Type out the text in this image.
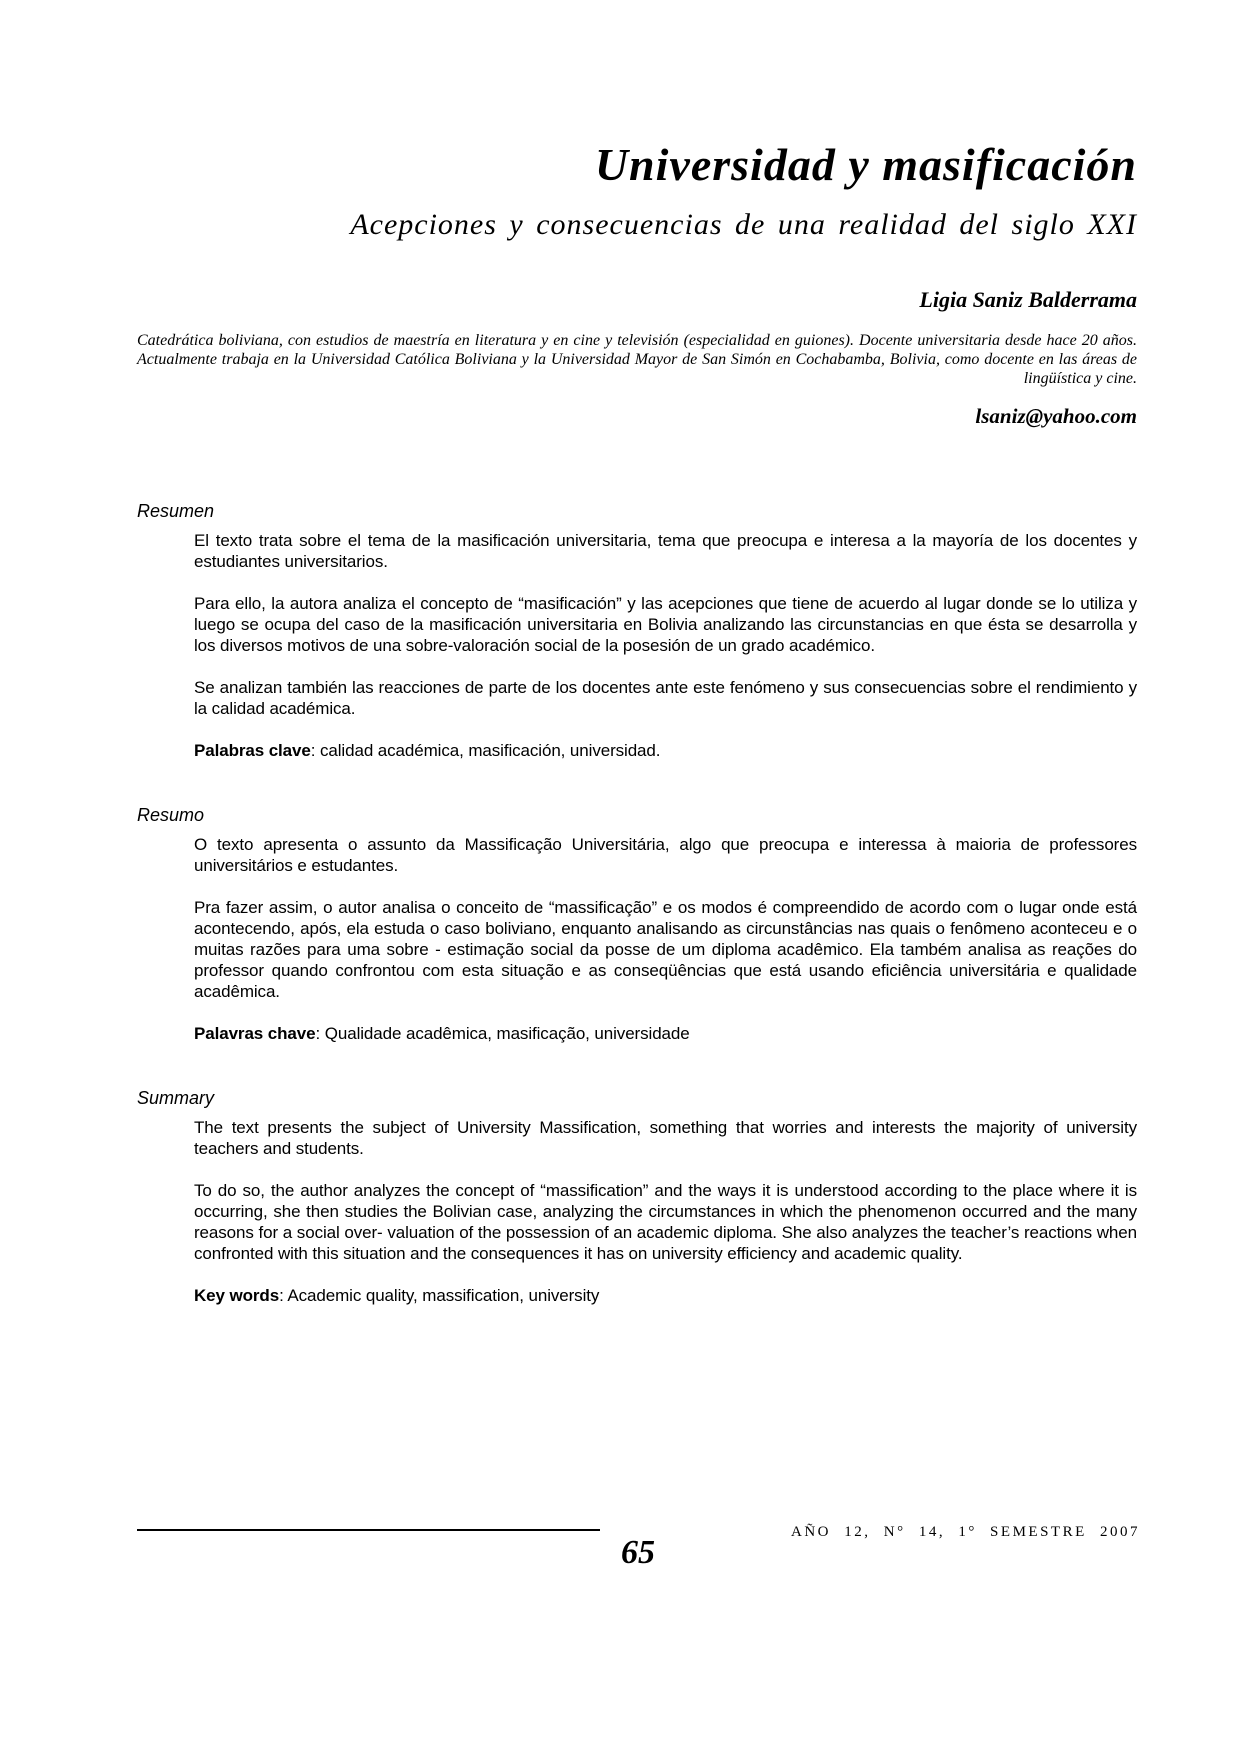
Universidad y masificación
Acepciones y consecuencias de una realidad del siglo XXI
Ligia Saniz Balderrama

Catedrática boliviana, con estudios de maestría en literatura y en cine y televisión (especialidad en guiones). Docente universitaria desde hace 20 años. Actualmente trabaja en la Universidad Católica Boliviana y la Universidad Mayor de San Simón en Cochabamba, Bolivia, como docente en las áreas de lingüística y cine.

lsaniz@yahoo.com
Resumen

El texto trata sobre el tema de la masificación universitaria, tema que preocupa e interesa a la mayoría de los docentes y estudiantes universitarios.

Para ello, la autora analiza el concepto de “masificación” y las acepciones que tiene de acuerdo al lugar donde se lo utiliza y luego se ocupa del caso de la masificación universitaria en Bolivia analizando las circunstancias en que ésta se desarrolla y los diversos motivos de una sobre-valoración social de la posesión de un grado académico.

Se analizan también las reacciones de parte de los docentes ante este fenómeno y sus consecuencias sobre el rendimiento y la calidad académica.

Palabras clave: calidad académica, masificación, universidad.

Resumo

O texto apresenta o assunto da Massificação Universitária, algo que preocupa e interessa à maioria de professores universitários e estudantes.

Pra fazer assim, o autor analisa o conceito de “massificação” e os modos é compreendido de acordo com o lugar onde está acontecendo, após, ela estuda o caso boliviano, enquanto analisando as circunstâncias nas quais o fenômeno aconteceu e o muitas razões para uma sobre - estimação social da posse de um diploma acadêmico. Ela também analisa as reações do professor quando confrontou com esta situação e as conseqüências que está usando eficiência universitária e qualidade acadêmica.

Palavras chave: Qualidade acadêmica, masificação, universidade

Summary

The text presents the subject of University Massification, something that worries and interests the majority of university teachers and students.

To do so, the author analyzes the concept of “massification” and the ways it is understood according to the place where it is occurring, she then studies the Bolivian case, analyzing the circumstances in which the phenomenon occurred and the many reasons for a social over- valuation of the possession of an academic diploma. She also analyzes the teacher’s reactions when confronted with this situation and the consequences it has on university efficiency and academic quality.

Key words: Academic quality, massification, university

AÑO 12, N° 14, 1° SEMESTRE 2007
65
